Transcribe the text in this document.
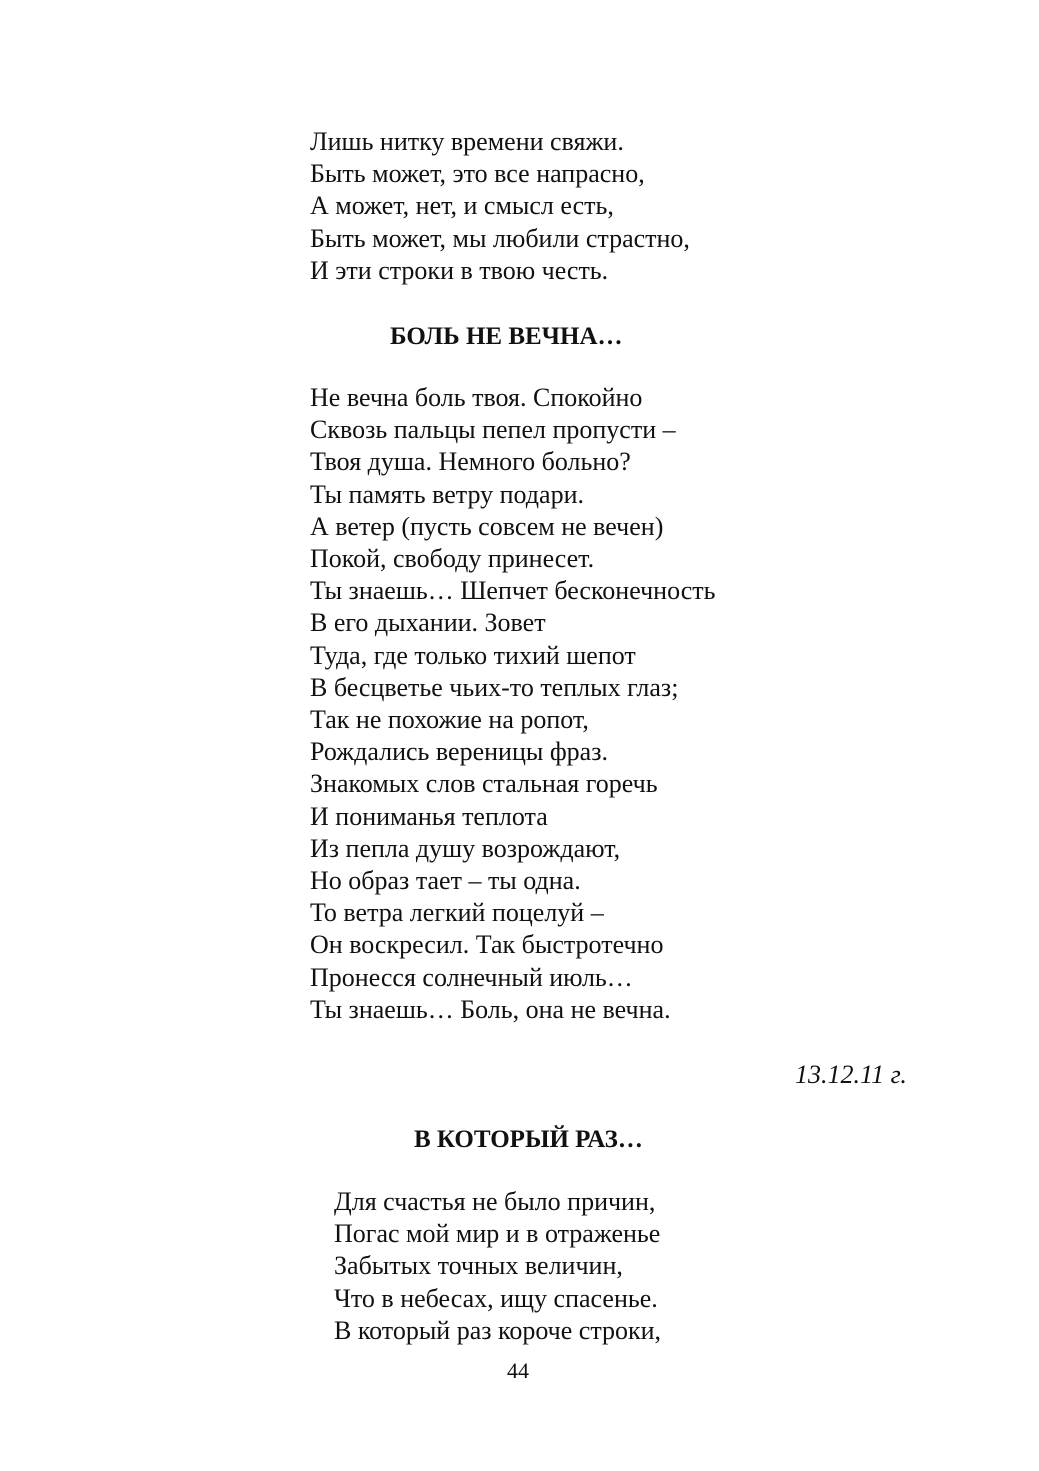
Лишь нитку времени свяжи.
Быть может, это все напрасно,
А может, нет, и смысл есть,
Быть может, мы любили страстно,
И эти строки в твою честь.
БОЛЬ НЕ ВЕЧНА…
Не вечна боль твоя. Спокойно
Сквозь пальцы пепел пропусти –
Твоя душа. Немного больно?
Ты память ветру подари.
А ветер (пусть совсем не вечен)
Покой, свободу принесет.
Ты знаешь… Шепчет бесконечность
В его дыхании. Зовет
Туда, где только тихий шепот
В бесцветье чьих-то теплых глаз;
Так не похожие на ропот,
Рождались вереницы фраз.
Знакомых слов стальная горечь
И пониманья теплота
Из пепла душу возрождают,
Но образ тает – ты одна.
То ветра легкий поцелуй –
Он воскресил. Так быстротечно
Пронесся солнечный июль…
Ты знаешь… Боль, она не вечна.
13.12.11 г.
В КОТОРЫЙ РАЗ…
Для счастья не было причин,
Погас мой мир и в отраженье
Забытых точных величин,
Что в небесах, ищу спасенье.
В который раз короче строки,
44
